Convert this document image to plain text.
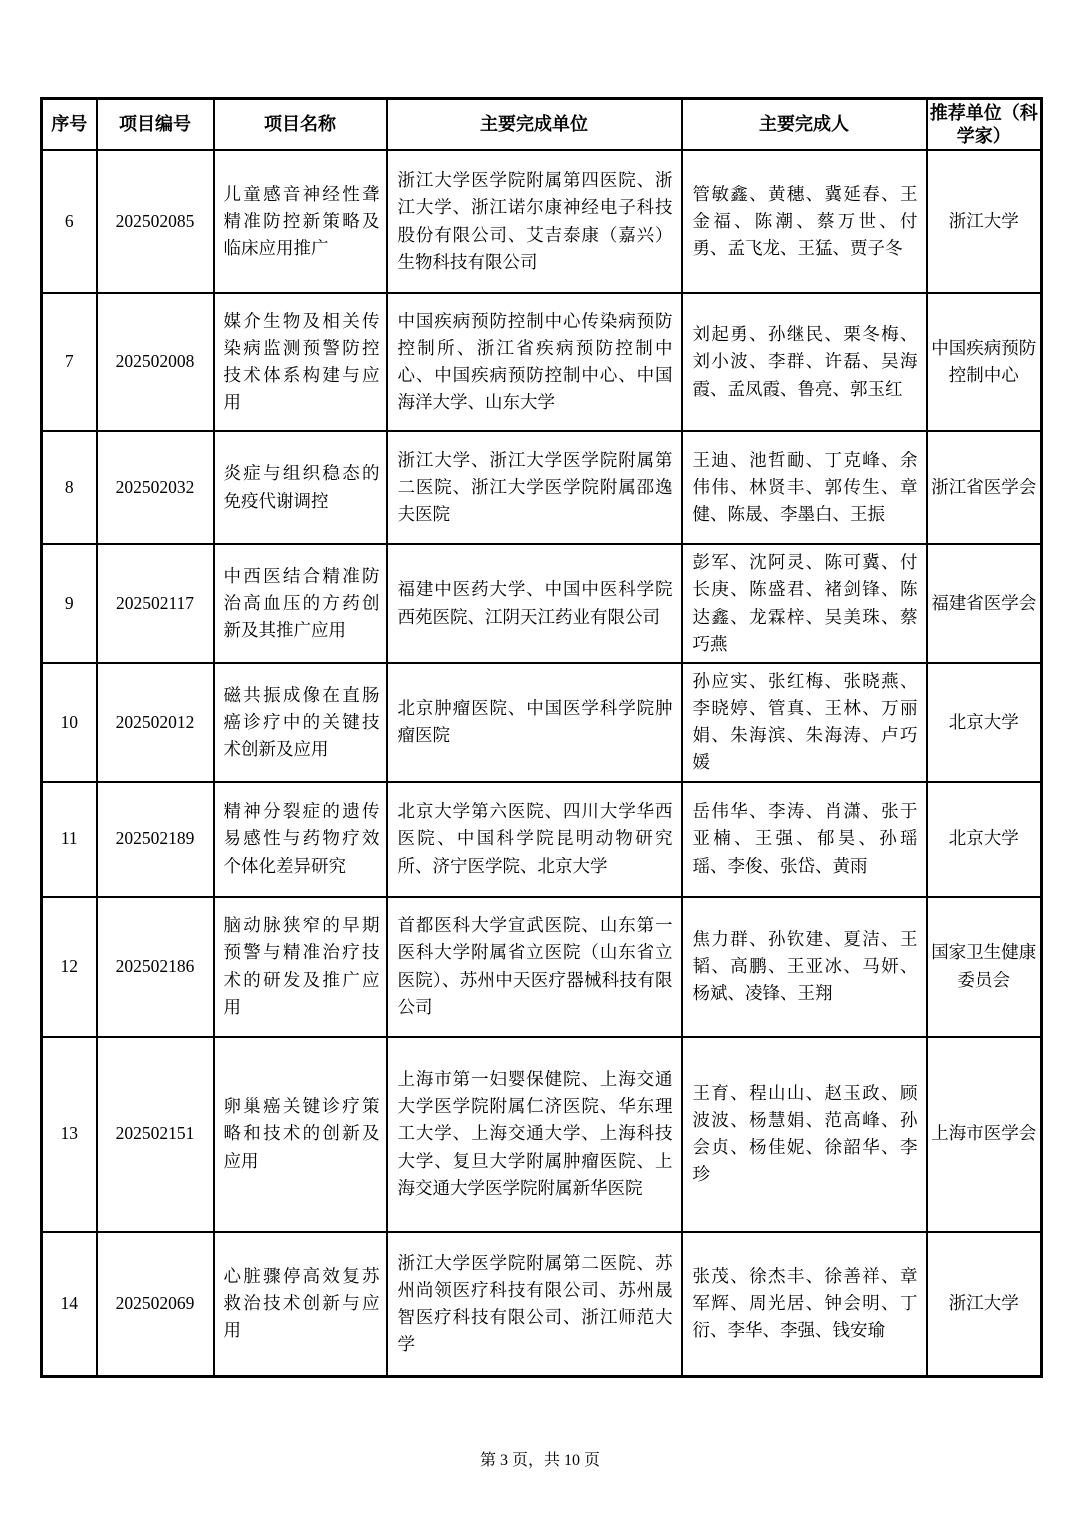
序号	项目编号	项目名称	主要完成单位	主要完成人	推荐单位（科学家）
6	202502085	儿童感音神经性聋精准防控新策略及临床应用推广	浙江大学医学院附属第四医院、浙江大学、浙江诺尔康神经电子科技股份有限公司、艾吉泰康（嘉兴）生物科技有限公司	管敏鑫、黄穗、冀延春、王金福、陈潮、蔡万世、付勇、孟飞龙、王猛、贾子冬	浙江大学
7	202502008	媒介生物及相关传染病监测预警防控技术体系构建与应用	中国疾病预防控制中心传染病预防控制所、浙江省疾病预防控制中心、中国疾病预防控制中心、中国海洋大学、山东大学	刘起勇、孙继民、栗冬梅、刘小波、李群、许磊、吴海霞、孟凤霞、鲁亮、郭玉红	中国疾病预防控制中心
8	202502032	炎症与组织稳态的免疫代谢调控	浙江大学、浙江大学医学院附属第二医院、浙江大学医学院附属邵逸夫医院	王迪、池哲勔、丁克峰、余伟伟、林贤丰、郭传生、章健、陈晟、李墨白、王振	浙江省医学会
9	202502117	中西医结合精准防治高血压的方药创新及其推广应用	福建中医药大学、中国中医科学院西苑医院、江阴天江药业有限公司	彭军、沈阿灵、陈可冀、付长庚、陈盛君、褚剑锋、陈达鑫、龙霖梓、吴美珠、蔡巧燕	福建省医学会
10	202502012	磁共振成像在直肠癌诊疗中的关键技术创新及应用	北京肿瘤医院、中国医学科学院肿瘤医院	孙应实、张红梅、张晓燕、李晓婷、管真、王林、万丽娟、朱海滨、朱海涛、卢巧媛	北京大学
11	202502189	精神分裂症的遗传易感性与药物疗效个体化差异研究	北京大学第六医院、四川大学华西医院、中国科学院昆明动物研究所、济宁医学院、北京大学	岳伟华、李涛、肖潇、张于亚楠、王强、郁昊、孙瑶瑶、李俊、张岱、黄雨	北京大学
12	202502186	脑动脉狭窄的早期预警与精准治疗技术的研发及推广应用	首都医科大学宣武医院、山东第一医科大学附属省立医院（山东省立医院）、苏州中天医疗器械科技有限公司	焦力群、孙钦建、夏洁、王韬、高鹏、王亚冰、马妍、杨斌、凌锋、王翔	国家卫生健康委员会
13	202502151	卵巢癌关键诊疗策略和技术的创新及应用	上海市第一妇婴保健院、上海交通大学医学院附属仁济医院、华东理工大学、上海交通大学、上海科技大学、复旦大学附属肿瘤医院、上海交通大学医学院附属新华医院	王育、程山山、赵玉政、顾波波、杨慧娟、范高峰、孙会贞、杨佳妮、徐韶华、李珍	上海市医学会
14	202502069	心脏骤停高效复苏救治技术创新与应用	浙江大学医学院附属第二医院、苏州尚领医疗科技有限公司、苏州晟智医疗科技有限公司、浙江师范大学	张茂、徐杰丰、徐善祥、章军辉、周光居、钟会明、丁衍、李华、李强、钱安瑜	浙江大学
第 3 页，共 10 页
